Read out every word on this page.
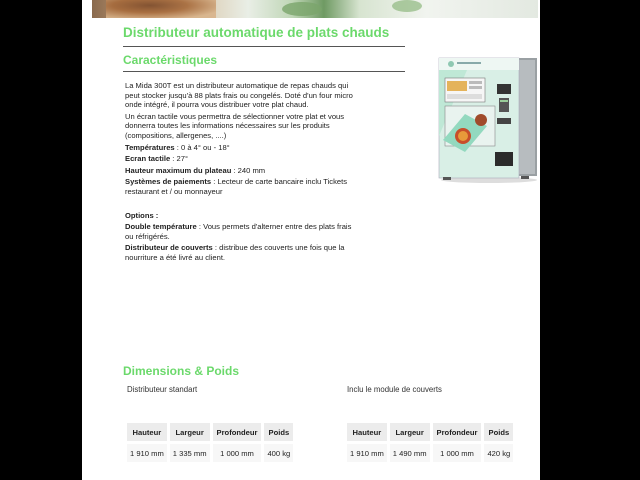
Distributeur automatique de plats chauds
Caractéristiques

La Mida 300T est un distributeur automatique de repas chauds qui peut stocker jusqu'à 88 plats frais ou congelés. Doté d'un four micro onde intégré, il pourra vous distribuer votre plat chaud.

Un écran tactile vous permettra de sélectionner votre plat et vous donnerra toutes les informations nécessaires sur les produits (compositions, allergenes, ....)

Températures : 0 à 4° ou - 18°

Ecran tactile : 27°

Hauteur maximum du plateau : 240 mm

Systèmes de paiements : Lecteur de carte bancaire inclu Tickets restaurant et / ou monnayeur

Options :

Double température : Vous permets d'alterner entre des plats frais ou réfrigérés.

Distributeur de couverts : distribue des couverts une fois que la nourriture a été livré au client.

Dimensions & Poids
Distributeur standart	Inclu le module de couverts
Hauteur	Largeur	Profondeur	Poids
1 910 mm	1 335 mm	1 000 mm	400 kg
Hauteur	Largeur	Profondeur	Poids
1 910 mm	1 490 mm	1 000 mm	420 kg
